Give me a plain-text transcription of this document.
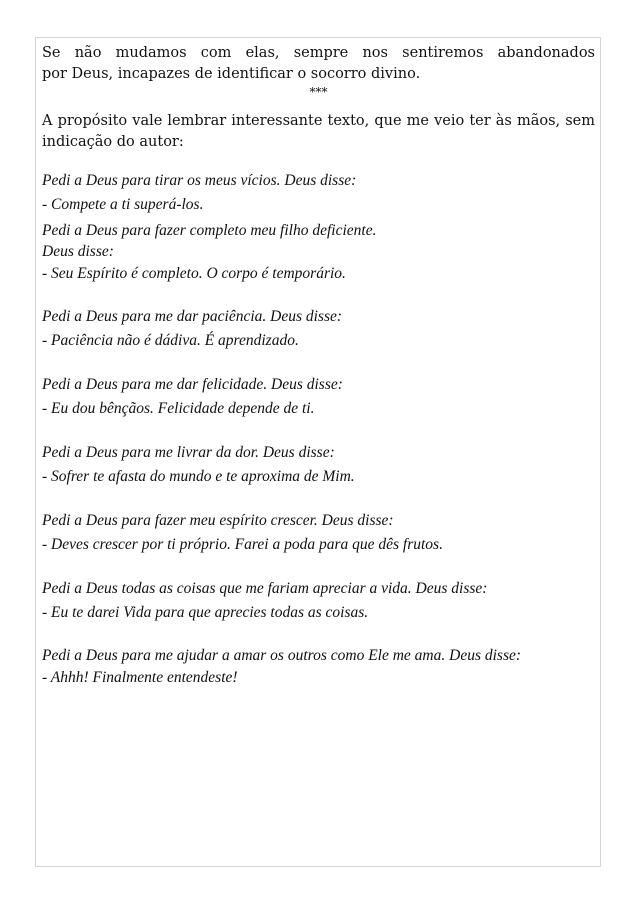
Se não mudamos com elas, sempre nos sentiremos abandonados

por Deus, incapazes de identificar o socorro divino.

***

A propósito vale lembrar interessante texto, que me veio ter às mãos, sem indicação do autor:

Pedi a Deus para tirar os meus vícios. Deus disse:

- Compete a ti superá-los.

Pedi a Deus para fazer completo meu filho deficiente.

Deus disse:

- Seu Espírito é completo. O corpo é temporário.

Pedi a Deus para me dar paciência. Deus disse:

- Paciência não é dádiva. É aprendizado.

Pedi a Deus para me dar felicidade. Deus disse:

- Eu dou bênçãos. Felicidade depende de ti.

Pedi a Deus para me livrar da dor. Deus disse:

- Sofrer te afasta do mundo e te aproxima de Mim.

Pedi a Deus para fazer meu espírito crescer. Deus disse:

- Deves crescer por ti próprio. Farei a poda para que dês frutos.

Pedi a Deus todas as coisas que me fariam apreciar a vida. Deus disse:

- Eu te darei Vida para que aprecies todas as coisas.

Pedi a Deus para me ajudar a amar os outros como Ele me ama. Deus disse:

- Ahhh! Finalmente entendeste!
